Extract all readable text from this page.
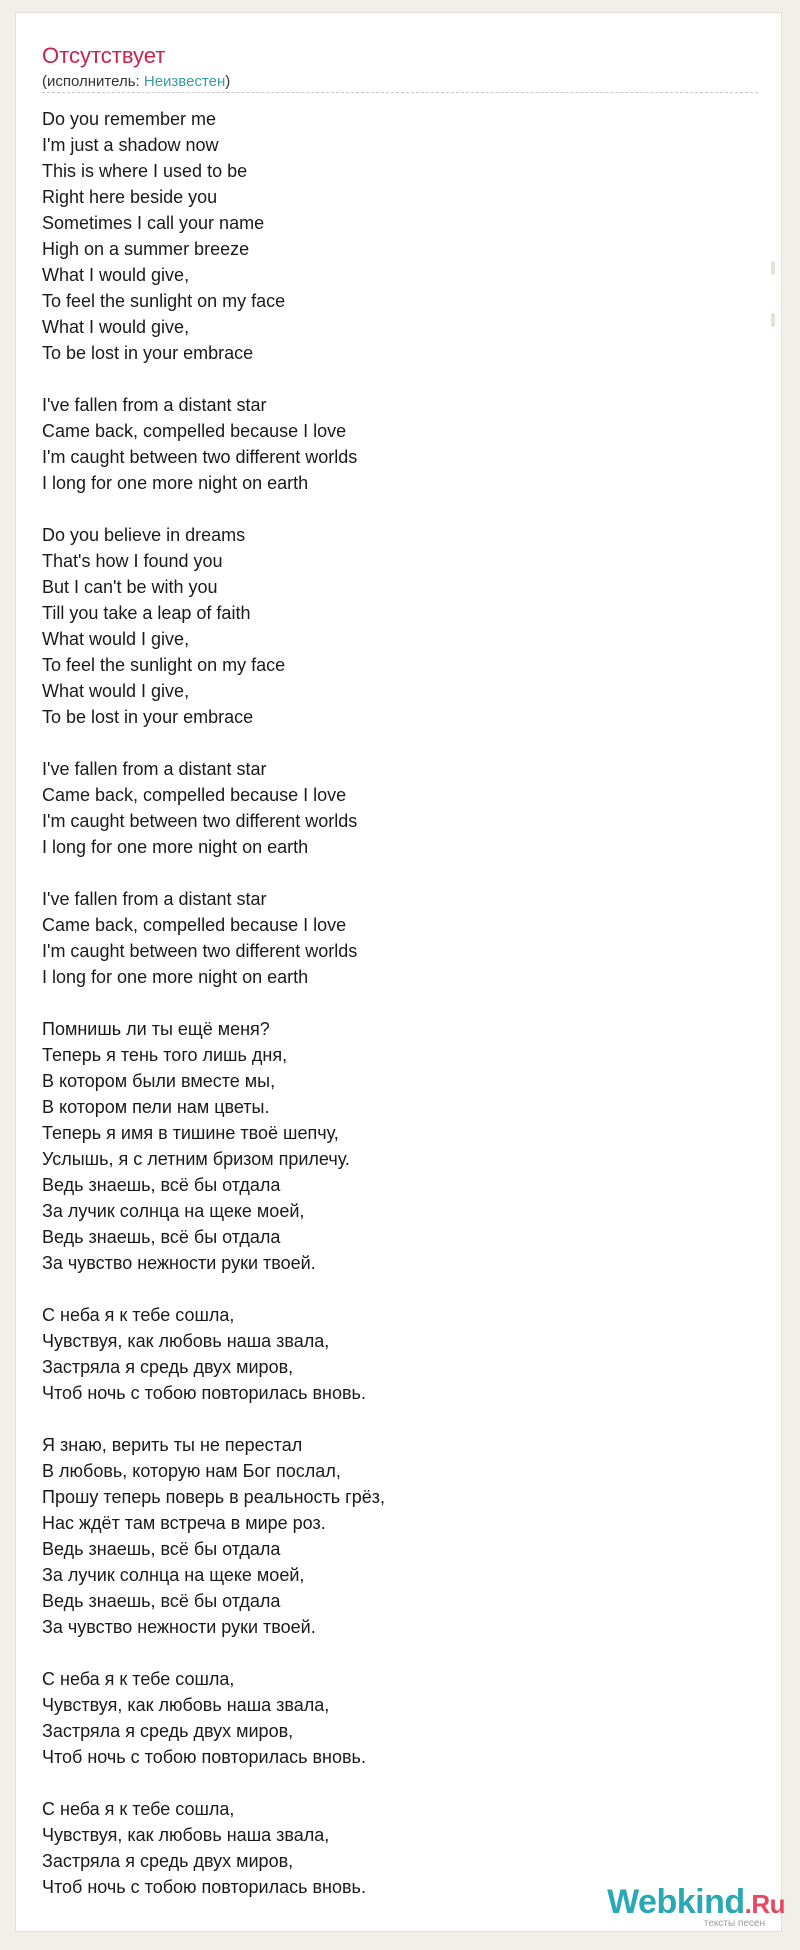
Отсутствует
(исполнитель: Неизвестен)
Do you remember me
I'm just a shadow now
This is where I used to be
Right here beside you
Sometimes I call your name
High on a summer breeze
What I would give,
To feel the sunlight on my face
What I would give,
To be lost in your embrace
I've fallen from a distant star
Came back, compelled because I love
I'm caught between two different worlds
I long for one more night on earth
Do you believe in dreams
That's how I found you
But I can't be with you
Till you take a leap of faith
What would I give,
To feel the sunlight on my face
What would I give,
To be lost in your embrace
I've fallen from a distant star
Came back, compelled because I love
I'm caught between two different worlds
I long for one more night on earth
I've fallen from a distant star
Came back, compelled because I love
I'm caught between two different worlds
I long for one more night on earth
Помнишь ли ты ещё меня?
Теперь я тень того лишь дня,
В котором были вместе мы,
В котором пели нам цветы.
Теперь я имя в тишине твоё шепчу,
Услышь, я с летним бризом прилечу.
Ведь знаешь, всё бы отдала
За лучик солнца на щеке моей,
Ведь знаешь, всё бы отдала
За чувство нежности руки твоей.
С неба я к тебе сошла,
Чувствуя, как любовь наша звала,
Застряла я средь двух миров,
Чтоб ночь с тобою повторилась вновь.
Я знаю, верить ты не перестал
В любовь, которую нам Бог послал,
Прошу теперь поверь в реальность грёз,
Нас ждёт там встреча в мире роз.
Ведь знаешь, всё бы отдала
За лучик солнца на щеке моей,
Ведь знаешь, всё бы отдала
За чувство нежности руки твоей.
С неба я к тебе сошла,
Чувствуя, как любовь наша звала,
Застряла я средь двух миров,
Чтоб ночь с тобою повторилась вновь.
С неба я к тебе сошла,
Чувствуя, как любовь наша звала,
Застряла я средь двух миров,
Чтоб ночь с тобою повторилась вновь.	Webkind.Ru
тексты песен
